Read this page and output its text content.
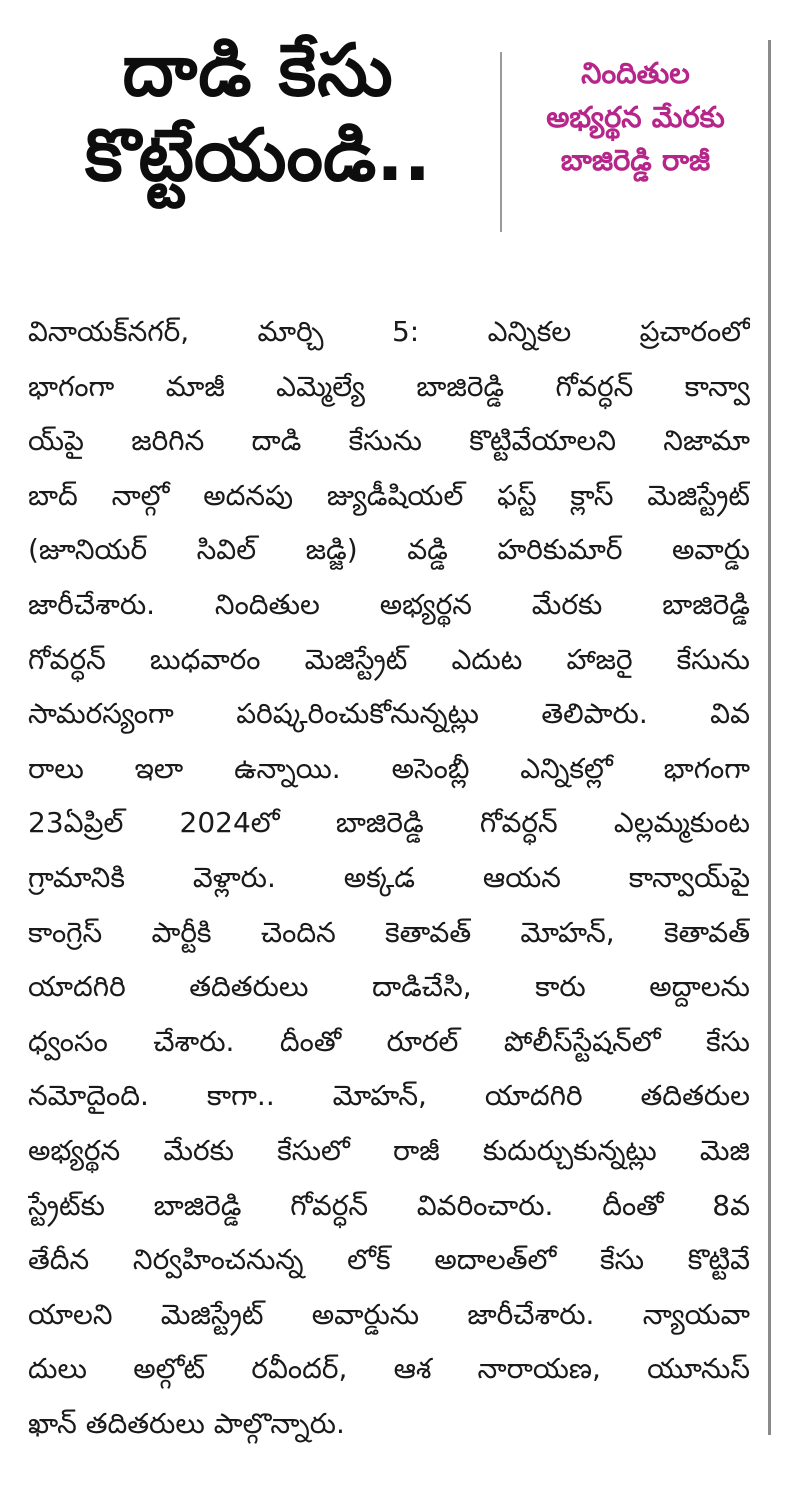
దాడి కేసు
కొట్టేయండి..
నిందితుల
అభ్యర్థన మేరకు
బాజిరెడ్డి రాజీ
వినాయక్‌నగర్, మార్చి 5: ఎన్నికల ప్రచారంలో
భాగంగా మాజీ ఎమ్మెల్యే బాజిరెడ్డి గోవర్ధన్ కాన్వా
య్‌పై జరిగిన దాడి కేసును కొట్టివేయాలని నిజామా
బాద్ నాల్గో అదనపు జ్యుడీషియల్ ఫస్ట్ క్లాస్ మెజిస్ట్రేట్
(జూనియర్ సివిల్ జడ్జి) వడ్డి హరికుమార్ అవార్డు
జారీచేశారు. నిందితుల అభ్యర్థన మేరకు బాజిరెడ్డి
గోవర్ధన్ బుధవారం మెజిస్ట్రేట్ ఎదుట హాజరై కేసును
సామరస్యంగా పరిష్కరించుకోనున్నట్లు తెలిపారు. వివ
రాలు ఇలా ఉన్నాయి. అసెంబ్లీ ఎన్నికల్లో భాగంగా
23ఏప్రిల్ 2024లో బాజిరెడ్డి గోవర్ధన్ ఎల్లమ్మకుంట
గ్రామానికి వెళ్లారు. అక్కడ ఆయన కాన్వాయ్‌పై
కాంగ్రెస్ పార్టీకి చెందిన కెతావత్ మోహన్, కెతావత్
యాదగిరి తదితరులు దాడిచేసి, కారు అద్దాలను
ధ్వంసం చేశారు. దీంతో రూరల్ పోలీస్‌స్టేషన్‌లో కేసు
నమోదైంది. కాగా.. మోహన్, యాదగిరి తదితరుల
అభ్యర్థన మేరకు కేసులో రాజీ కుదుర్చుకున్నట్లు మెజి
స్ట్రేట్‌కు బాజిరెడ్డి గోవర్ధన్ వివరించారు. దీంతో 8వ
తేదీన నిర్వహించనున్న లోక్ అదాలత్‌లో కేసు కొట్టివే
యాలని మెజిస్ట్రేట్ అవార్డును జారీచేశారు. న్యాయవా
దులు అల్గోట్ రవీందర్, ఆశ నారాయణ, యూనుస్
ఖాన్ తదితరులు పాల్గొన్నారు.
